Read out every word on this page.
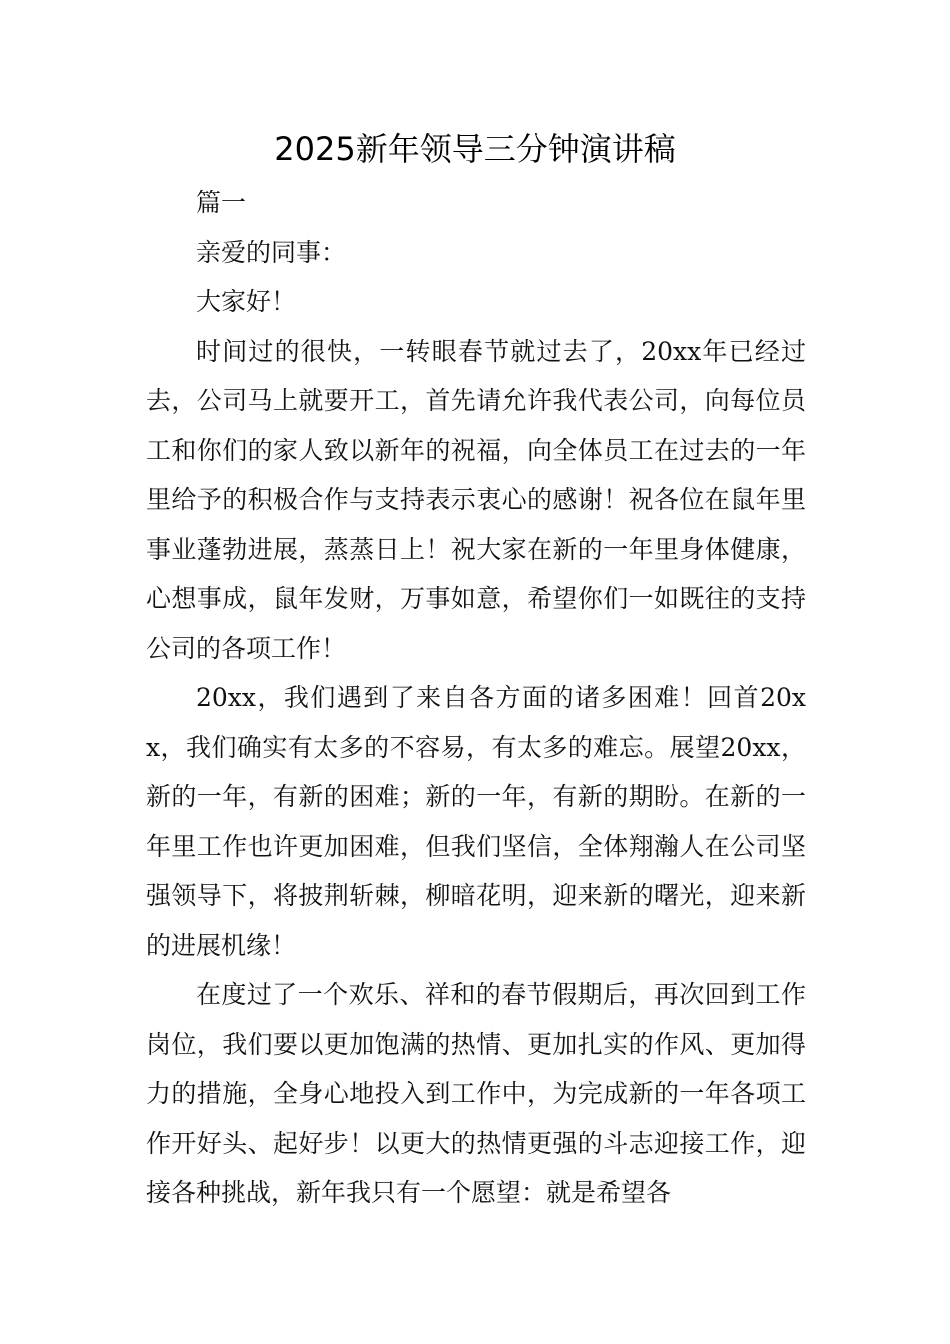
2025新年领导三分钟演讲稿

篇一

亲爱的同事：

大家好！

时间过的很快，一转眼春节就过去了，20xx年已经过去，公司马上就要开工，首先请允许我代表公司，向每位员工和你们的家人致以新年的祝福，向全体员工在过去的一年里给予的积极合作与支持表示衷心的感谢！祝各位在鼠年里事业蓬勃进展，蒸蒸日上！祝大家在新的一年里身体健康，心想事成，鼠年发财，万事如意，希望你们一如既往的支持公司的各项工作！

20xx，我们遇到了来自各方面的诸多困难！回首20xx，我们确实有太多的不容易，有太多的难忘。展望20xx，新的一年，有新的困难；新的一年，有新的期盼。在新的一年里工作也许更加困难，但我们坚信，全体翔瀚人在公司坚强领导下，将披荆斩棘，柳暗花明，迎来新的曙光，迎来新的进展机缘！

在度过了一个欢乐、祥和的春节假期后，再次回到工作岗位，我们要以更加饱满的热情、更加扎实的作风、更加得力的措施，全身心地投入到工作中，为完成新的一年各项工作开好头、起好步！以更大的热情更强的斗志迎接工作，迎接各种挑战，新年我只有一个愿望：就是希望各
